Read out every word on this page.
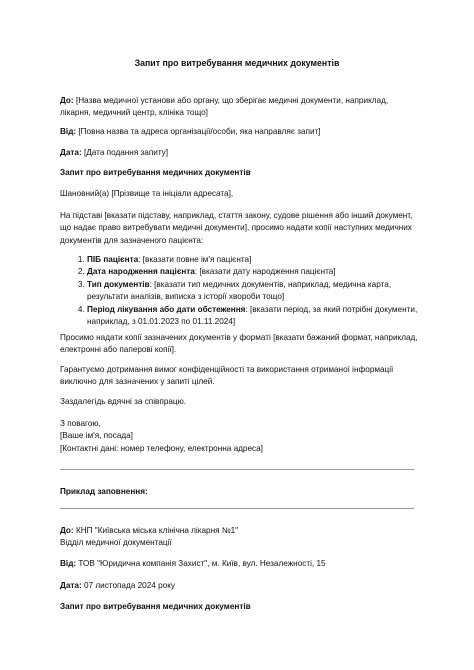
Запит про витребування медичних документів
До: [Назва медичної установи або органу, що зберігає медичні документи, наприклад, лікарня, медичний центр, клініка тощо]
Від: [Повна назва та адреса організації/особи, яка направляє запит]
Дата: [Дата подання запиту]
Запит про витребування медичних документів
Шановний(а) [Прізвище та ініціали адресата],
На підставі [вказати підставу, наприклад, стаття закону, судове рішення або інший документ, що надає право витребувати медичні документи], просимо надати копії наступних медичних документів для зазначеного пацієнта:
1. ПІБ пацієнта: [вказати повне ім'я пацієнта]
2. Дата народження пацієнта: [вказати дату народження пацієнта]
3. Тип документів: [вказати тип медичних документів, наприклад, медична карта, результати аналізів, виписка з історії хвороби тощо]
4. Період лікування або дати обстеження: [вказати період, за який потрібні документи, наприклад, з 01.01.2023 по 01.11.2024]
Просимо надати копії зазначених документів у форматі [вказати бажаний формат, наприклад, електронні або паперові копії].
Гарантуємо дотримання вимог конфіденційності та використання отриманої інформації виключно для зазначених у запиті цілей.
Заздалегідь вдячні за співпрацю.

З повагою,

[Ваше ім'я, посада]

[Контактні дані: номер телефону, електронна адреса]

Приклад заповнення:

До: КНП "Київська міська клінічна лікарня №1"

Відділ медичної документації

Від: ТОВ "Юридична компанія Захист", м. Київ, вул. Незалежності, 15
Дата: 07 листопада 2024 року
Запит про витребування медичних документів
